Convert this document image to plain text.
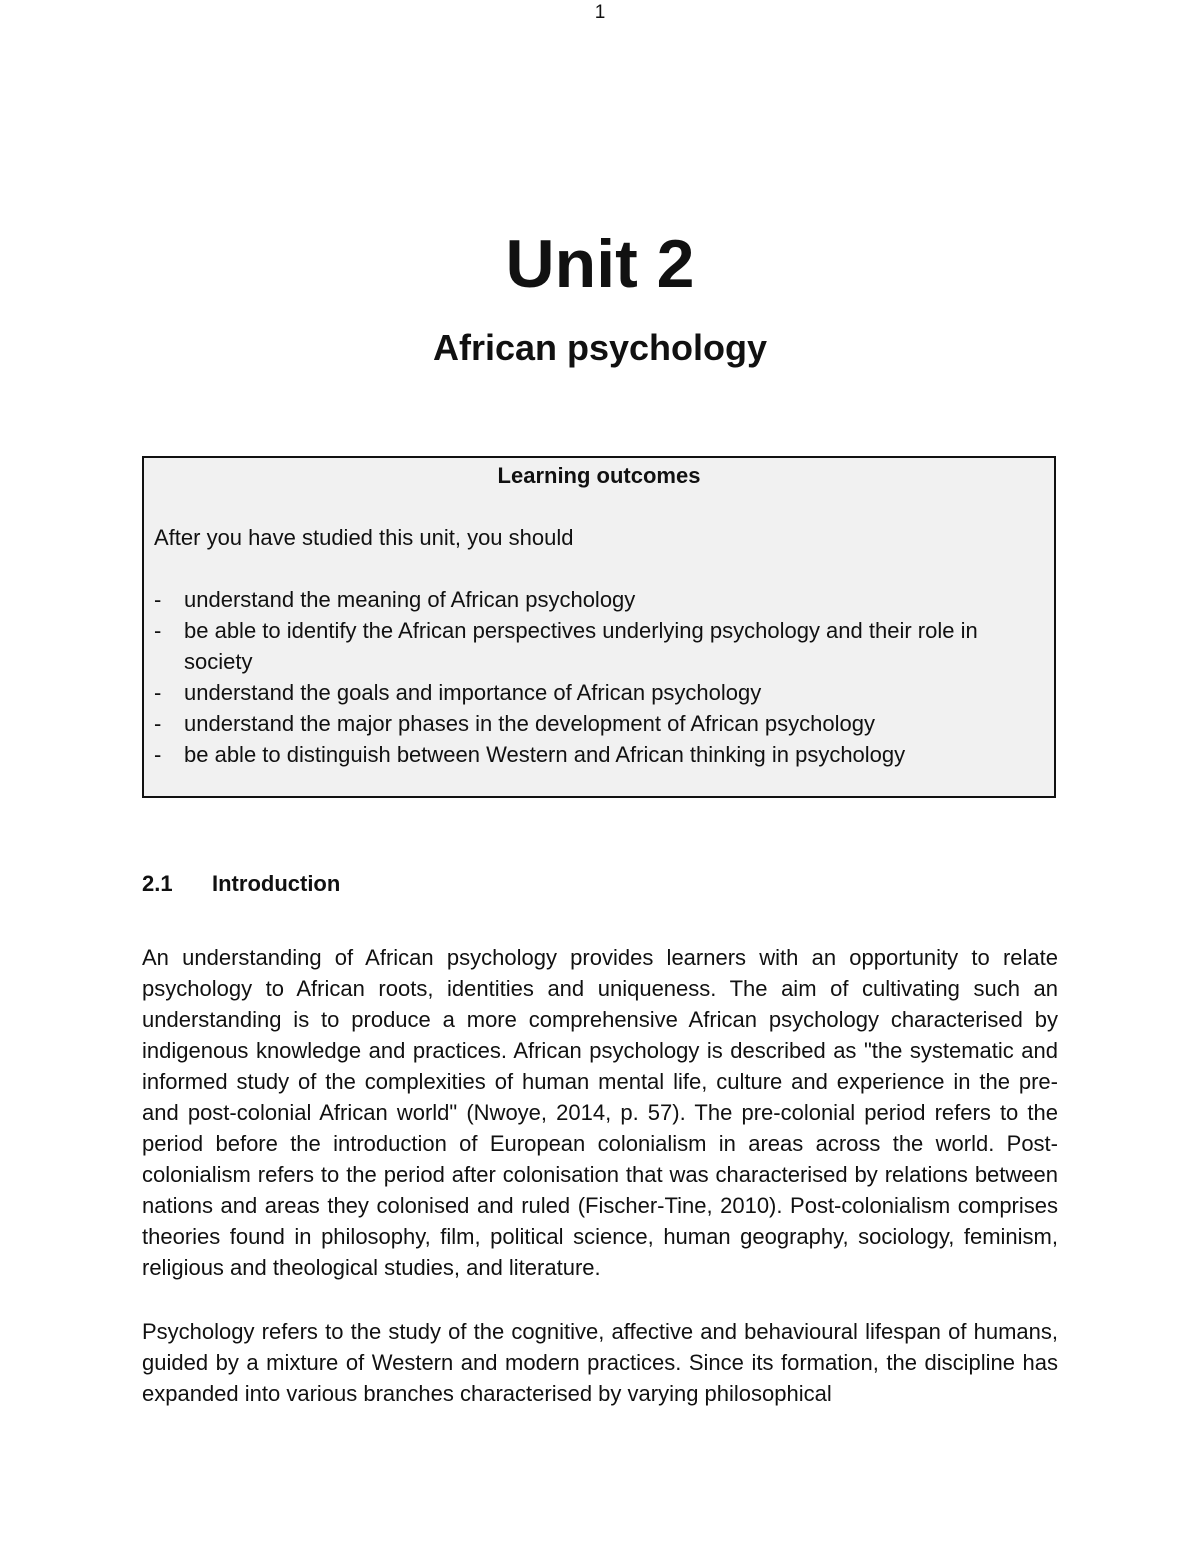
1
Unit 2
African psychology
Learning outcomes
After you have studied this unit, you should
- understand the meaning of African psychology
- be able to identify the African perspectives underlying psychology and their role in society
- understand the goals and importance of African psychology
- understand the major phases in the development of African psychology
- be able to distinguish between Western and African thinking in psychology
2.1 Introduction

An understanding of African psychology provides learners with an opportunity to relate psychology to African roots, identities and uniqueness. The aim of cultivating such an understanding is to produce a more comprehensive African psychology characterised by indigenous knowledge and practices. African psychology is described as "the systematic and informed study of the complexities of human mental life, culture and experience in the pre- and post-colonial African world" (Nwoye, 2014, p. 57). The pre-colonial period refers to the period before the introduction of European colonialism in areas across the world. Post-colonialism refers to the period after colonisation that was characterised by relations between nations and areas they colonised and ruled (Fischer-Tine, 2010). Post-colonialism comprises theories found in philosophy, film, political science, human geography, sociology, feminism, religious and theological studies, and literature.

Psychology refers to the study of the cognitive, affective and behavioural lifespan of humans, guided by a mixture of Western and modern practices. Since its formation, the discipline has expanded into various branches characterised by varying philosophical
